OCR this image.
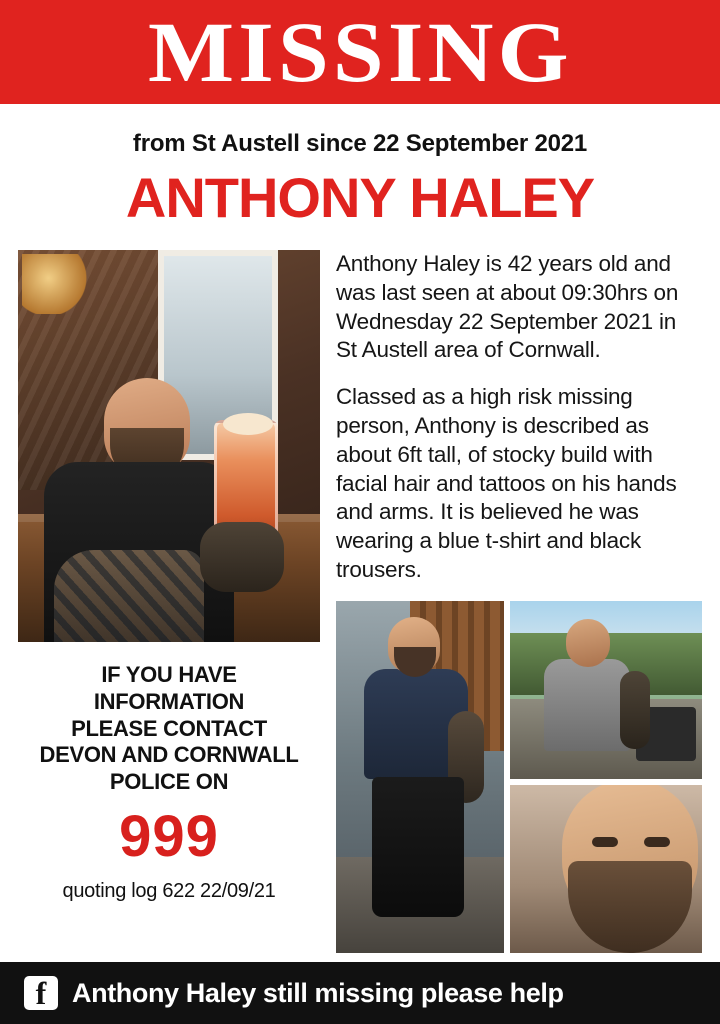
MISSING
from St Austell since 22 September 2021
ANTHONY HALEY
IF YOU HAVE
INFORMATION
PLEASE CONTACT
DEVON AND CORNWALL
POLICE ON
999
quoting log 622 22/09/21

Anthony Haley is 42 years old and was last seen at about 09:30hrs on Wednesday 22 September 2021 in St Austell area of Cornwall.

Classed as a high risk missing person, Anthony is described as about 6ft tall, of stocky build with facial hair and tattoos on his hands and arms. It is believed he was wearing a blue t-shirt and black trousers.

f Anthony Haley still missing please help
